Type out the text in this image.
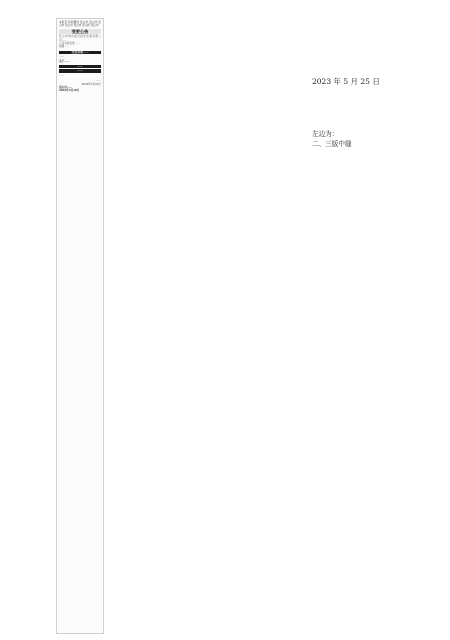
本报讯 新闻要闻 昆山市 昆山市 昆山市 昆山市 昆山市 昆山市 昆山市

变更公告

昆山市城市建设投资发展有限公司……

公司名称变更……

根据……

变更事项……

……

关于……

……
……

……

……

2023年5月25日

昆山市……

2023年5月16日

2023 年 5 月 25 日
左边为：
二、三版中缝
